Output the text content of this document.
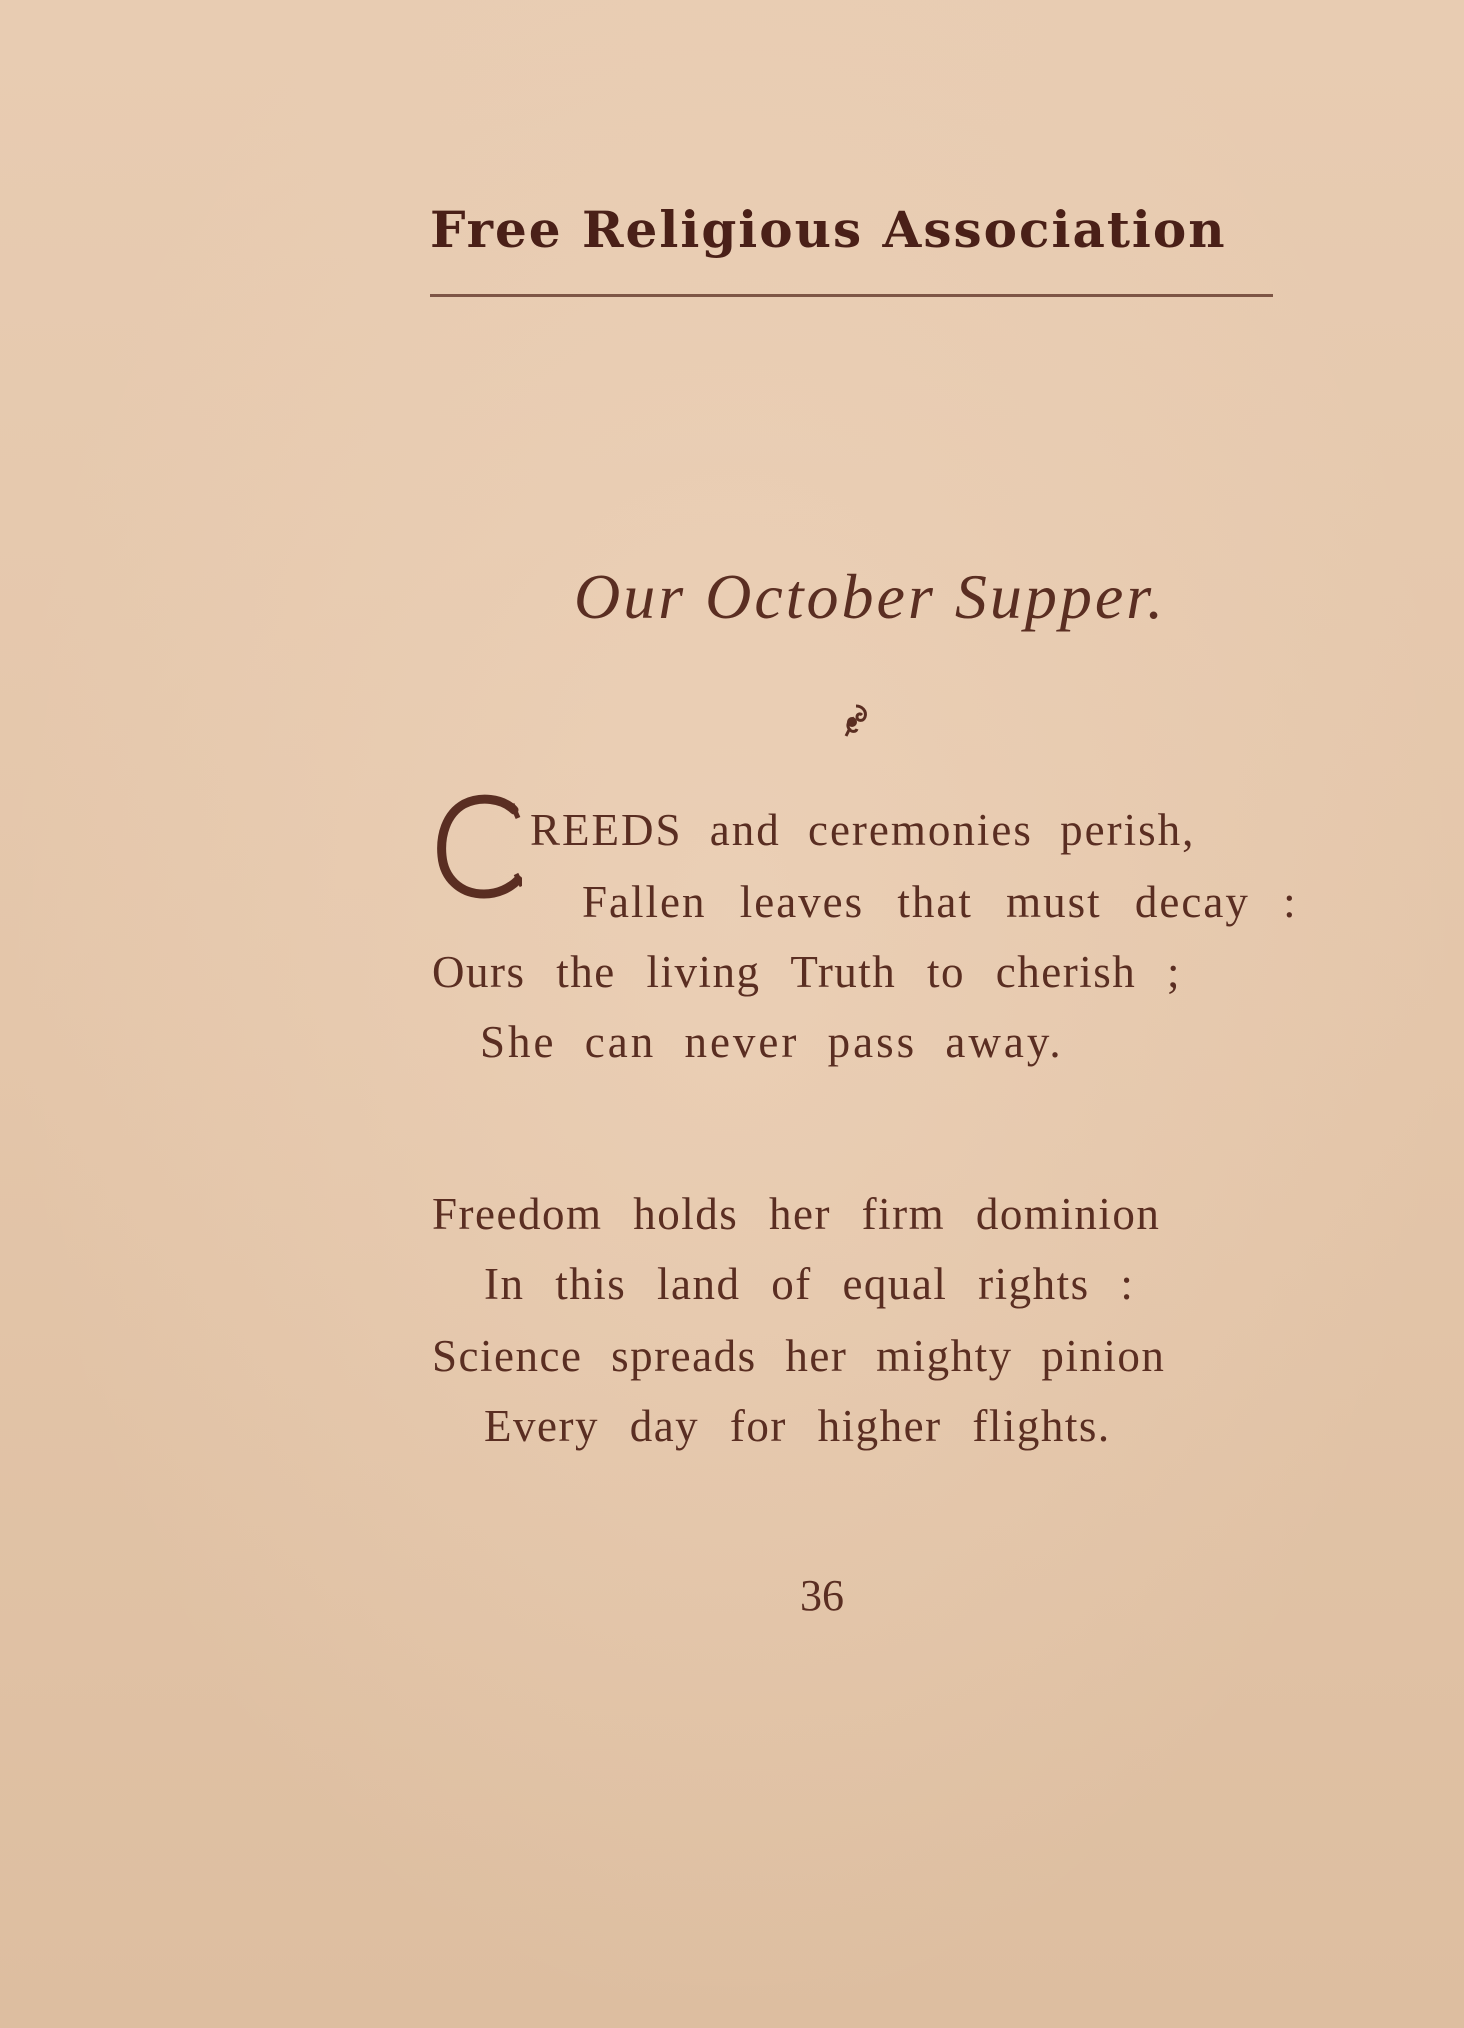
Free Religious Association
Our October Supper.
REEDS and ceremonies perish,
Fallen leaves that must decay :
Ours the living Truth to cherish ;
She can never pass away.
Freedom holds her firm dominion
In this land of equal rights :
Science spreads her mighty pinion
Every day for higher flights.
36
